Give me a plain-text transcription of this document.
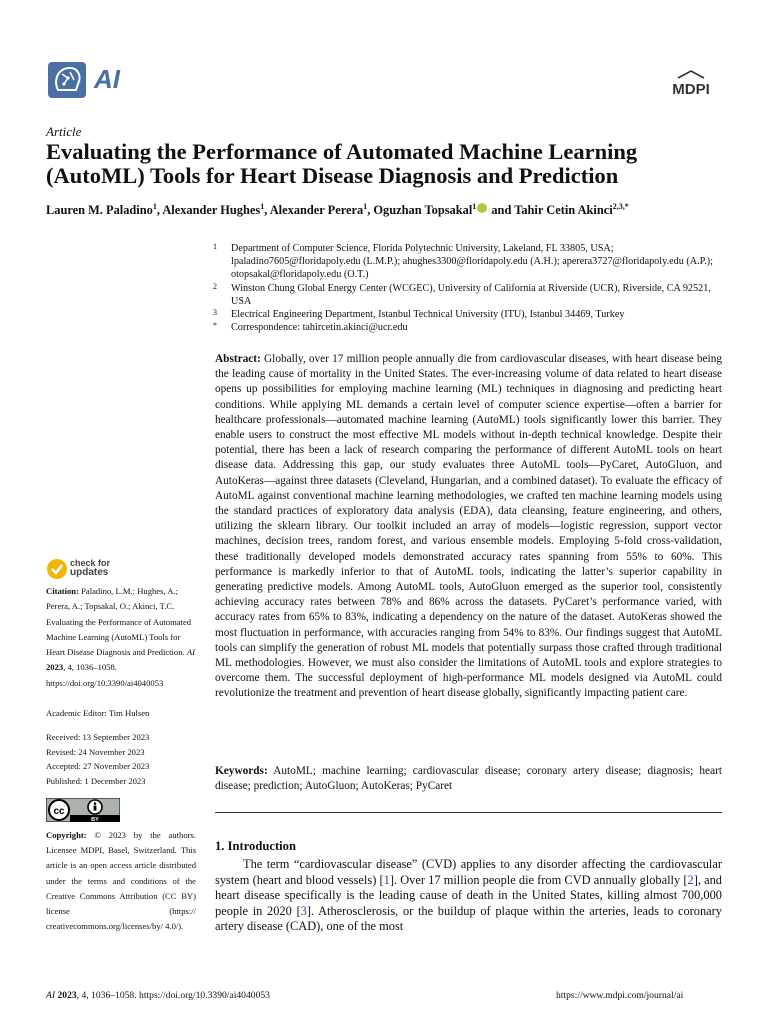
AI	MDPI
Article
Evaluating the Performance of Automated Machine Learning (AutoML) Tools for Heart Disease Diagnosis and Prediction
Lauren M. Paladino$^1$, Alexander Hughes$^1$, Alexander Perera$^1$, Oguzhan Topsakal$^1$ and Tahir Cetin Akinci$^{2,3,*}$
1 Department of Computer Science, Florida Polytechnic University, Lakeland, FL 33805, USA; lpaladino7605@floridapoly.edu (L.M.P.); ahughes3300@floridapoly.edu (A.H.); aperera3727@floridapoly.edu (A.P.); otopsakal@floridapoly.edu (O.T.)
2 Winston Chung Global Energy Center (WCGEC), University of California at Riverside (UCR), Riverside, CA 92521, USA
3 Electrical Engineering Department, Istanbul Technical University (ITU), Istanbul 34469, Turkey
* Correspondence: tahircetin.akinci@ucr.edu
Abstract: Globally, over 17 million people annually die from cardiovascular diseases, with heart disease being the leading cause of mortality in the United States. The ever-increasing volume of data related to heart disease opens up possibilities for employing machine learning (ML) techniques in diagnosing and predicting heart conditions. While applying ML demands a certain level of computer science expertise—often a barrier for healthcare professionals—automated machine learning (AutoML) tools significantly lower this barrier. They enable users to construct the most effective ML models without in-depth technical knowledge. Despite their potential, there has been a lack of research comparing the performance of different AutoML tools on heart disease data. Addressing this gap, our study evaluates three AutoML tools—PyCaret, AutoGluon, and AutoKeras—against three datasets (Cleveland, Hungarian, and a combined dataset). To evaluate the efficacy of AutoML against conventional machine learning methodologies, we crafted ten machine learning models using the standard practices of exploratory data analysis (EDA), data cleansing, feature engineering, and others, utilizing the sklearn library. Our toolkit included an array of models—logistic regression, support vector machines, decision trees, random forest, and various ensemble models. Employing 5-fold cross-validation, these traditionally developed models demonstrated accuracy rates spanning from 55% to 60%. This performance is markedly inferior to that of AutoML tools, indicating the latter’s superior capability in generating predictive models. Among AutoML tools, AutoGluon emerged as the superior tool, consistently achieving accuracy rates between 78% and 86% across the datasets. PyCaret’s performance varied, with accuracy rates from 65% to 83%, indicating a dependency on the nature of the dataset. AutoKeras showed the most fluctuation in performance, with accuracies ranging from 54% to 83%. Our findings suggest that AutoML tools can simplify the generation of robust ML models that potentially surpass those crafted through traditional ML methodologies. However, we must also consider the limitations of AutoML tools and explore strategies to overcome them. The successful deployment of high-performance ML models designed via AutoML could revolutionize the treatment and prevention of heart disease globally, significantly impacting patient care.
Keywords: AutoML; machine learning; cardiovascular disease; coronary artery disease; diagnosis; heart disease; prediction; AutoGluon; AutoKeras; PyCaret
1. Introduction
The term “cardiovascular disease” (CVD) applies to any disorder affecting the cardiovascular system (heart and blood vessels) [1]. Over 17 million people die from CVD annually globally [2], and heart disease specifically is the leading cause of death in the United States, killing almost 700,000 people in 2020 [3]. Atherosclerosis, or the buildup of plaque within the arteries, leads to coronary artery disease (CAD), one of the most
check for
updates
Citation: Paladino, L.M.; Hughes, A.; Perera, A.; Topsakal, O.; Akinci, T.C. Evaluating the Performance of Automated Machine Learning (AutoML) Tools for Heart Disease Diagnosis and Prediction. AI 2023, 4, 1036–1058. https://doi.org/10.3390/ai4040053
Academic Editor: Tim Hulsen
Received: 13 September 2023
Revised: 24 November 2023
Accepted: 27 November 2023
Published: 1 December 2023
cc
BY
Copyright: © 2023 by the authors. Licensee MDPI, Basel, Switzerland. This article is an open access article distributed under the terms and conditions of the Creative Commons Attribution (CC BY) license (https:// creativecommons.org/licenses/by/ 4.0/).
AI 2023, 4, 1036–1058. https://doi.org/10.3390/ai4040053	https://www.mdpi.com/journal/ai
